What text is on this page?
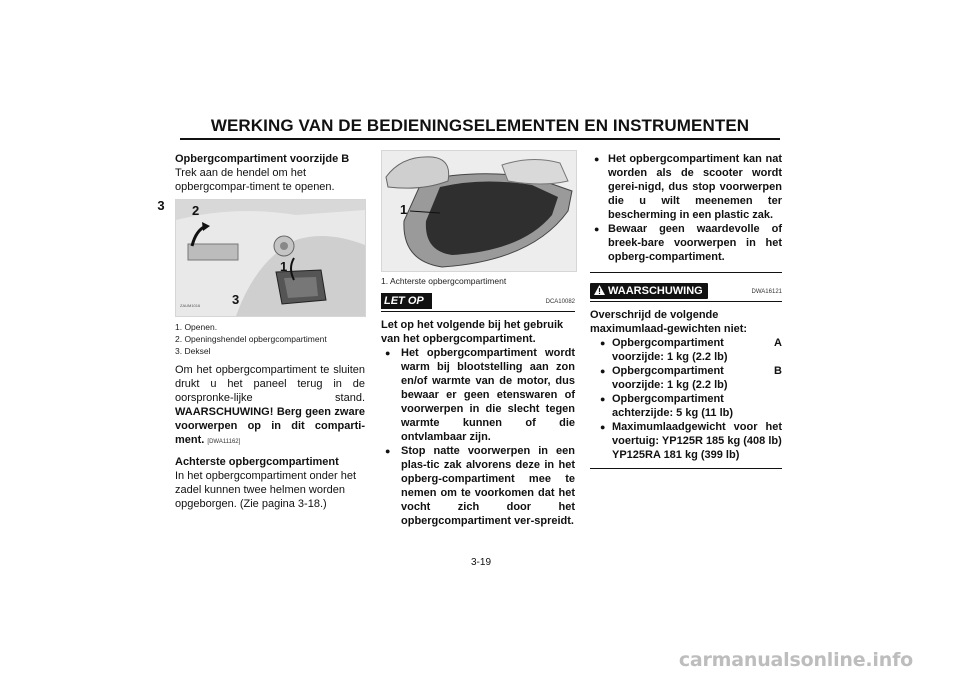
WERKING VAN DE BEDIENINGSELEMENTEN EN INSTRUMENTEN
3

Opbergcompartiment voorzijde B

Trek aan de hendel om het opbergcompar-timent te openen.

2
1
3
ZAUM1016

1. Openen.

2. Openingshendel opbergcompartiment

3. Deksel

Om het opbergcompartiment te sluiten drukt u het paneel terug in de oorspronke-lijke stand. WAARSCHUWING! Berg geen zware voorwerpen op in dit comparti-ment. [DWA11162]

Achterste opbergcompartiment

In het opbergcompartiment onder het zadel kunnen twee helmen worden opgeborgen. (Zie pagina 3-18.)

1

1. Achterste opbergcompartiment

LET OP	DCA10082

Let op het volgende bij het gebruik van het opbergcompartiment.

● Het opbergcompartiment wordt warm bij blootstelling aan zon en/of warmte van de motor, dus bewaar er geen etenswaren of voorwerpen in die slecht tegen warmte kunnen of die ontvlambaar zijn.
● Stop natte voorwerpen in een plas-tic zak alvorens deze in het opberg-compartiment mee te nemen om te voorkomen dat het vocht zich door het opbergcompartiment ver-spreidt.
● Het opbergcompartiment kan nat worden als de scooter wordt gerei-nigd, dus stop voorwerpen die u wilt meenemen ter bescherming in een plastic zak.
● Bewaar geen waardevolle of breek-bare voorwerpen in het opberg-compartiment.
WAARSCHUWING	DWA16121

Overschrijd de volgende maximumlaad-gewichten niet:

● Opbergcompartiment A voorzijde: 1 kg (2.2 lb)
● Opbergcompartiment B voorzijde: 1 kg (2.2 lb)
● Opbergcompartiment achterzijde: 5 kg (11 lb)
● Maximumlaadgewicht voor het voertuig: YP125R 185 kg (408 lb)
YP125RA 181 kg (399 lb)
3-19
carmanualsonline.info
